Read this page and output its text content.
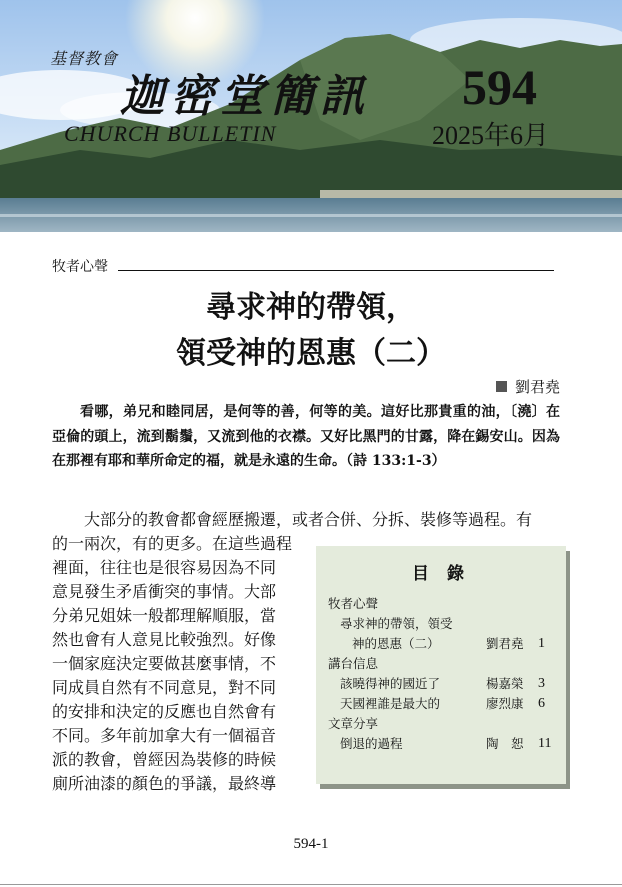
基督教會
迦密堂簡訊
CHURCH BULLETIN
594
2025年6月
牧者心聲
尋求神的帶領，
領受神的恩惠（二）
劉君堯
看哪，弟兄和睦同居，是何等的善，何等的美。這好比那貴重的油，〔澆〕在亞倫的頭上，流到鬍鬚，又流到他的衣襟。又好比黑門的甘露，降在錫安山。因為在那裡有耶和華所命定的福，就是永遠的生命。（詩 133:1-3）
大部分的教會都會經歷搬遷，或者合併、分拆、裝修等過程。有
的一兩次，有的更多。在這些過程
裡面，往往也是很容易因為不同
意見發生矛盾衝突的事情。大部
分弟兄姐妹一般都理解順服，當
然也會有人意見比較強烈。好像
一個家庭決定要做甚麼事情，不
同成員自然有不同意見，對不同
的安排和決定的反應也自然會有
不同。多年前加拿大有一個福音
派的教會，曾經因為裝修的時候
廁所油漆的顏色的爭議，最終導
目 錄
牧者心聲
尋求神的帶領，領受
神的恩惠（二）	劉君堯 1
講台信息
該曉得神的國近了	楊嘉榮 3
天國裡誰是最大的	廖烈康 6
文章分享
倒退的過程	陶　恕 11
594-1
